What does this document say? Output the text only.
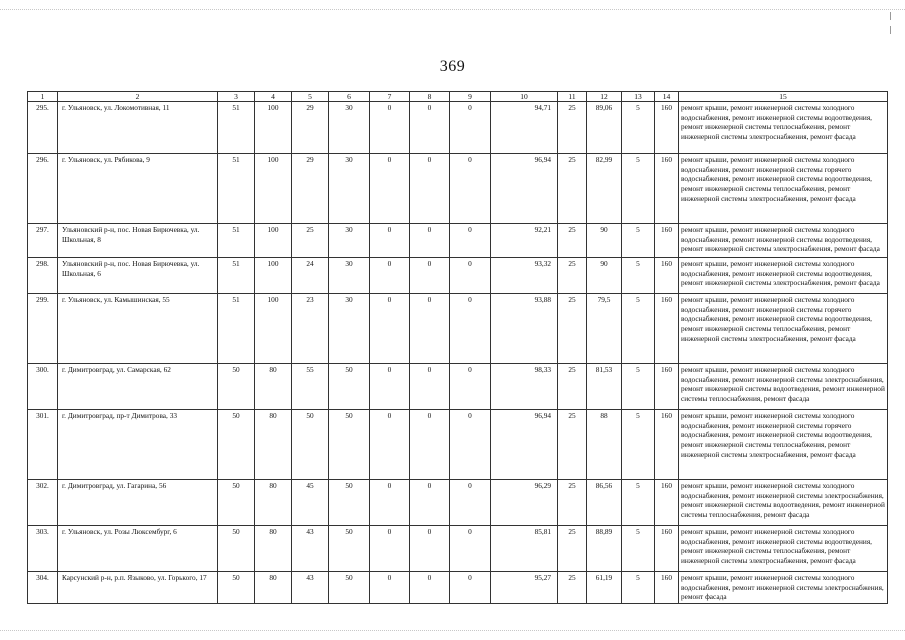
369
1	2	3	4	5	6	7	8	9	10	11	12	13	14	15
295.	г. Ульяновск, ул. Локомотивная, 11	51	100	29	30	0	0	0	94,71	25	89,06	5	160	ремонт крыши, ремонт инженерной системы холодного водоснабжения, ремонт инженерной системы водоотведения, ремонт инженерной системы теплоснабжения, ремонт инженерной системы электроснабжения, ремонт фасада
296.	г. Ульяновск, ул. Рябикова, 9	51	100	29	30	0	0	0	96,94	25	82,99	5	160	ремонт крыши, ремонт инженерной системы холодного водоснабжения, ремонт инженерной системы горячего водоснабжения, ремонт инженерной системы водоотведения, ремонт инженерной системы теплоснабжения, ремонт инженерной системы электроснабжения, ремонт фасада
297.	Ульяновский р-н, пос. Новая Бирючевка, ул. Школьная, 8	51	100	25	30	0	0	0	92,21	25	90	5	160	ремонт крыши, ремонт инженерной системы холодного водоснабжения, ремонт инженерной системы водоотведения, ремонт инженерной системы электроснабжения, ремонт фасада
298.	Ульяновский р-н, пос. Новая Бирючевка, ул. Школьная, 6	51	100	24	30	0	0	0	93,32	25	90	5	160	ремонт крыши, ремонт инженерной системы холодного водоснабжения, ремонт инженерной системы водоотведения, ремонт инженерной системы электроснабжения, ремонт фасада
299.	г. Ульяновск, ул. Камышинская, 55	51	100	23	30	0	0	0	93,88	25	79,5	5	160	ремонт крыши, ремонт инженерной системы холодного водоснабжения, ремонт инженерной системы горячего водоснабжения, ремонт инженерной системы водоотведения, ремонт инженерной системы теплоснабжения, ремонт инженерной системы электроснабжения, ремонт фасада
300.	г. Димитровград, ул. Самарская, 62	50	80	55	50	0	0	0	98,33	25	81,53	5	160	ремонт крыши, ремонт инженерной системы холодного водоснабжения, ремонт инженерной системы электроснабжения, ремонт инженерной системы водоотведения, ремонт инженерной системы теплоснабжения, ремонт фасада
301.	г. Димитровград, пр-т Димитрова, 33	50	80	50	50	0	0	0	96,94	25	88	5	160	ремонт крыши, ремонт инженерной системы холодного водоснабжения, ремонт инженерной системы горячего водоснабжения, ремонт инженерной системы водоотведения, ремонт инженерной системы теплоснабжения, ремонт инженерной системы электроснабжения, ремонт фасада
302.	г. Димитровград, ул. Гагарина, 56	50	80	45	50	0	0	0	96,29	25	86,56	5	160	ремонт крыши, ремонт инженерной системы холодного водоснабжения, ремонт инженерной системы электроснабжения, ремонт инженерной системы водоотведения, ремонт инженерной системы теплоснабжения, ремонт фасада
303.	г. Ульяновск, ул. Розы Люксембург, 6	50	80	43	50	0	0	0	85,81	25	88,89	5	160	ремонт крыши, ремонт инженерной системы холодного водоснабжения, ремонт инженерной системы водоотведения, ремонт инженерной системы теплоснабжения, ремонт инженерной системы электроснабжения, ремонт фасада
304.	Карсунский р-н, р.п. Языково, ул. Горького, 17	50	80	43	50	0	0	0	95,27	25	61,19	5	160	ремонт крыши, ремонт инженерной системы холодного водоснабжения, ремонт инженерной системы электроснабжения, ремонт фасада
